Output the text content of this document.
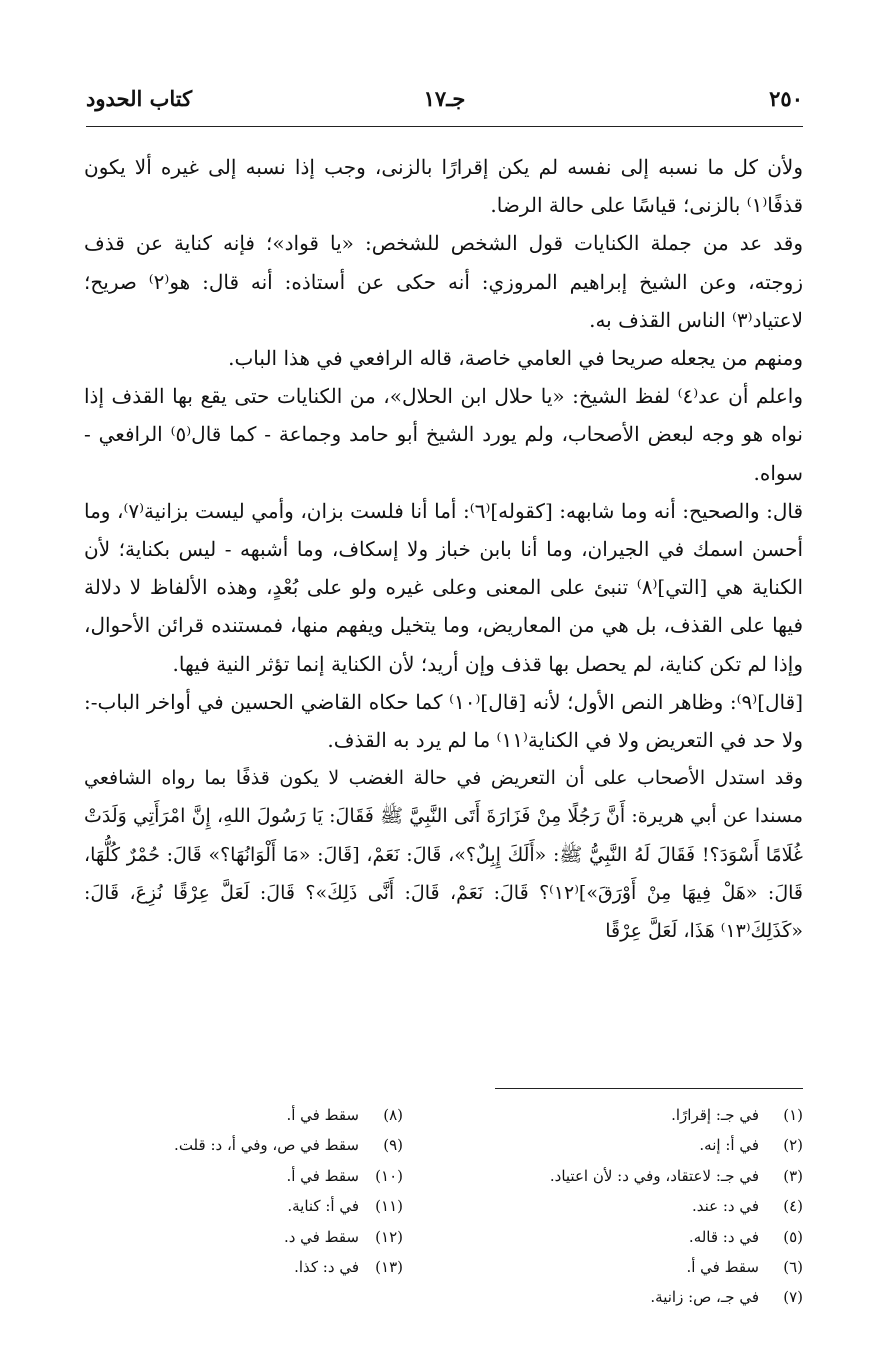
٢٥٠
جـ١٧
كتاب الحدود

ولأن كل ما نسبه إلى نفسه لم يكن إقرارًا بالزنى، وجب إذا نسبه إلى غيره ألا يكون قذفًا⁽١⁾ بالزنى؛ قياسًا على حالة الرضا.

وقد عد من جملة الكنايات قول الشخص للشخص: «يا قواد»؛ فإنه كناية عن قذف زوجته، وعن الشيخ إبراهيم المروزي: أنه حكى عن أستاذه: أنه قال: هو⁽٢⁾ صريح؛ لاعتياد⁽٣⁾ الناس القذف به.

ومنهم من يجعله صريحا في العامي خاصة، قاله الرافعي في هذا الباب.

واعلم أن عد⁽٤⁾ لفظ الشيخ: «يا حلال ابن الحلال»، من الكنايات حتى يقع بها القذف إذا نواه هو وجه لبعض الأصحاب، ولم يورد الشيخ أبو حامد وجماعة - كما قال⁽٥⁾ الرافعي - سواه.

قال: والصحيح: أنه وما شابهه: [كقوله]⁽٦⁾: أما أنا فلست بزان، وأمي ليست بزانية⁽٧⁾، وما أحسن اسمك في الجيران، وما أنا بابن خباز ولا إسكاف، وما أشبهه - ليس بكناية؛ لأن الكناية هي [التي]⁽٨⁾ تنبئ على المعنى وعلى غيره ولو على بُعْدٍ، وهذه الألفاظ لا دلالة فيها على القذف، بل هي من المعاريض، وما يتخيل ويفهم منها، فمستنده قرائن الأحوال، وإذا لم تكن كناية، لم يحصل بها قذف وإن أريد؛ لأن الكناية إنما تؤثر النية فيها.

[قال]⁽٩⁾: وظاهر النص الأول؛ لأنه [قال]⁽١٠⁾ كما حكاه القاضي الحسين في أواخر الباب-: ولا حد في التعريض ولا في الكناية⁽١١⁾ ما لم يرد به القذف.

وقد استدل الأصحاب على أن التعريض في حالة الغضب لا يكون قذفًا بما رواه الشافعي مسندا عن أبي هريرة: أَنَّ رَجُلًا مِنْ فَزَارَةَ أَتَى النَّبِيَّ ﷺ فَقَالَ: يَا رَسُولَ اللهِ، إِنَّ امْرَأَتِي وَلَدَتْ غُلَامًا أَسْوَدَ؟! فَقَالَ لَهُ النَّبِيُّ ﷺ: «أَلَكَ إِبِلٌ؟»، قَالَ: نَعَمْ، [قَالَ: «مَا أَلْوَانُهَا؟» قَالَ: حُمْرٌ كُلُّهَا، قَالَ: «هَلْ فِيهَا مِنْ أَوْرَقَ»]⁽١٢⁾؟ قَالَ: نَعَمْ، قَالَ: أَنَّى ذَلِكَ»؟ قَالَ: لَعَلَّ عِرْقًا نُزِعَ، قَالَ: «كَذَلِكَ⁽١٣⁾ هَذَا، لَعَلَّ عِرْقًا

(١)في جـ: إقرارًا.
(٢)في أ: إنه.
(٣)في جـ: لاعتقاد، وفي د: لأن اعتياد.
(٤)في د: عند.
(٥)في د: قاله.
(٦)سقط في أ.
(٧)في جـ، ص: زانية.
(٨)سقط في أ.
(٩)سقط في ص، وفي أ، د: قلت.
(١٠)سقط في أ.
(١١)في أ: كناية.
(١٢)سقط في د.
(١٣)في د: كذا.
